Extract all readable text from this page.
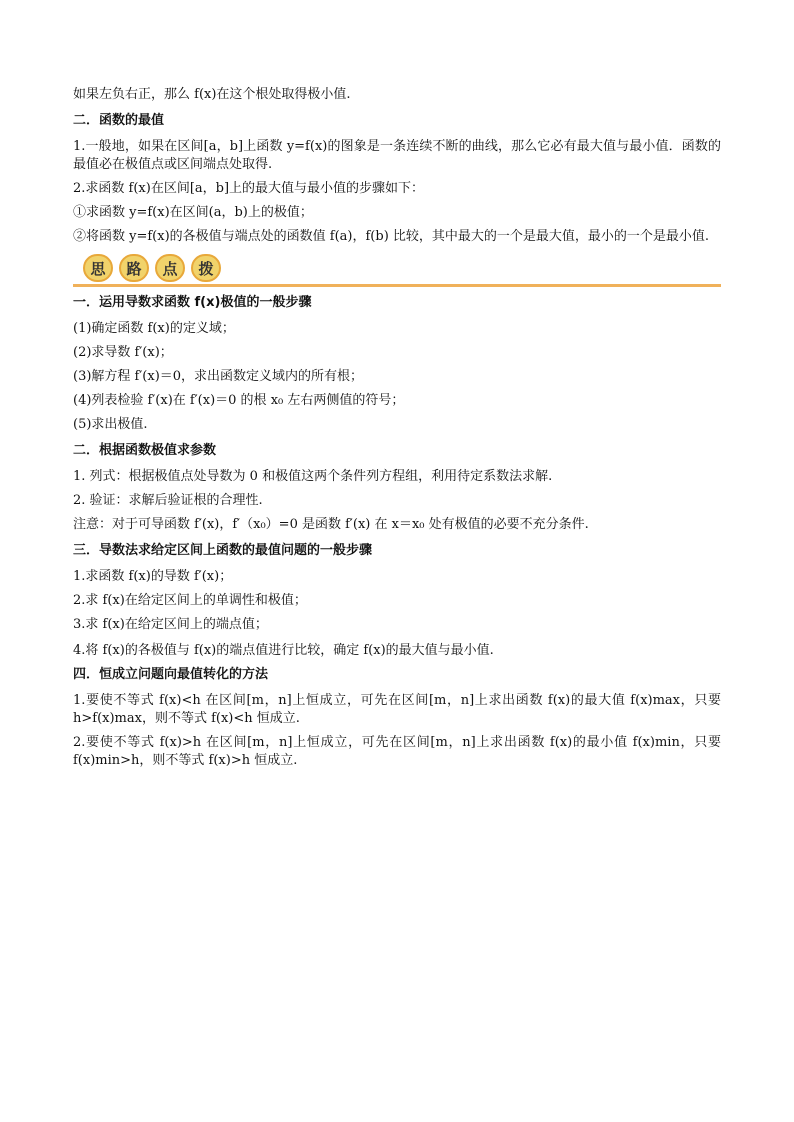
如果左负右正，那么 f(x)在这个根处取得极小值.

二．函数的最值

1.一般地，如果在区间[a，b]上函数 y=f(x)的图象是一条连续不断的曲线，那么它必有最大值与最小值．函数的最值必在极值点或区间端点处取得.

2.求函数 f(x)在区间[a，b]上的最大值与最小值的步骤如下：

①求函数 y=f(x)在区间(a，b)上的极值；

②将函数 y=f(x)的各极值与端点处的函数值 f(a)，f(b) 比较，其中最大的一个是最大值，最小的一个是最小值.

思	路	点	拨

一．运用导数求函数 f(x)极值的一般步骤

(1)确定函数 f(x)的定义域；

(2)求导数 f′(x)；

(3)解方程 f′(x)＝0，求出函数定义域内的所有根；

(4)列表检验 f′(x)在 f′(x)＝0 的根 x₀ 左右两侧值的符号；

(5)求出极值.

二．根据函数极值求参数

1. 列式：根据极值点处导数为 0 和极值这两个条件列方程组，利用待定系数法求解.

2. 验证：求解后验证根的合理性.

注意：对于可导函数 f′(x)，f′（x₀）=0 是函数 f′(x) 在 x＝x₀ 处有极值的必要不充分条件.

三．导数法求给定区间上函数的最值问题的一般步骤

1.求函数 f(x)的导数 f′(x)；

2.求 f(x)在给定区间上的单调性和极值；

3.求 f(x)在给定区间上的端点值；

4.将 f(x)的各极值与 f(x)的端点值进行比较，确定 f(x)的最大值与最小值.

四．恒成立问题向最值转化的方法

1.要使不等式 f(x)<h 在区间[m，n]上恒成立，可先在区间[m，n]上求出函数 f(x)的最大值 f(x)max，只要 h>f(x)max，则不等式 f(x)<h 恒成立.

2.要使不等式 f(x)>h 在区间[m，n]上恒成立，可先在区间[m，n]上求出函数 f(x)的最小值 f(x)min，只要 f(x)min>h，则不等式 f(x)>h 恒成立.
